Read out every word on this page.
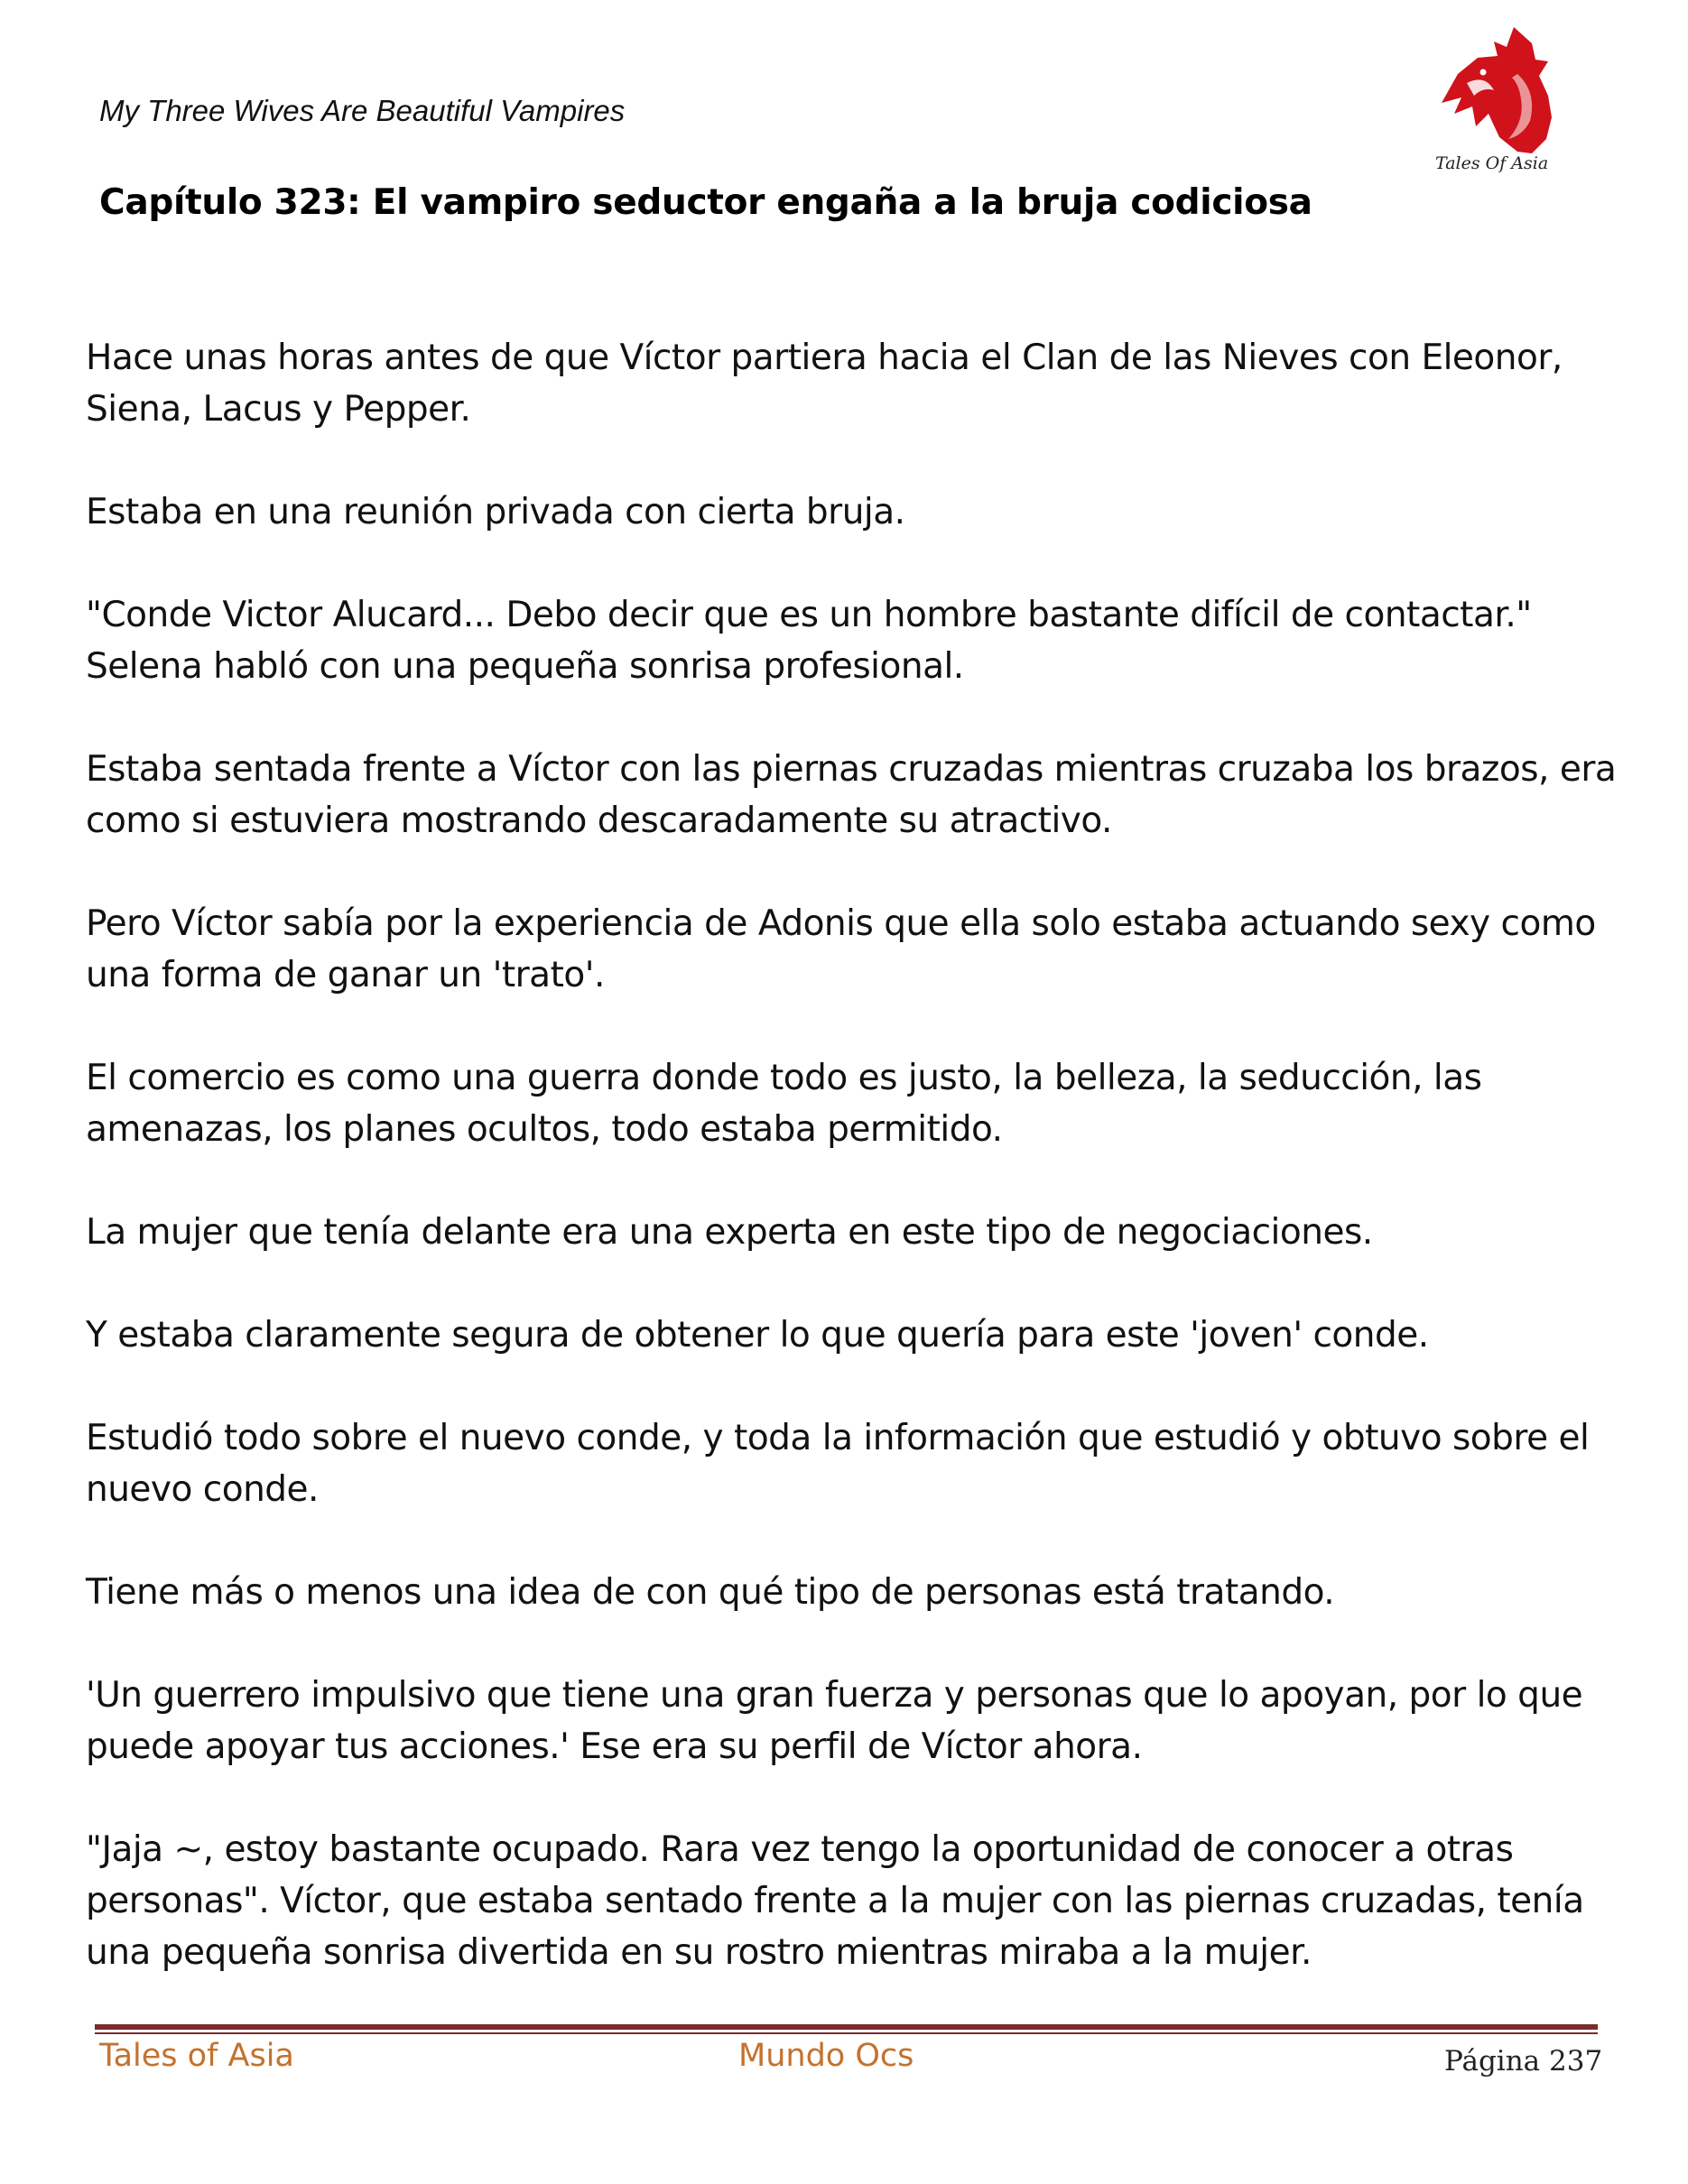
My Three Wives Are Beautiful Vampires
Tales Of Asia
Capítulo 323: El vampiro seductor engaña a la bruja codiciosa

Hace unas horas antes de que Víctor partiera hacia el Clan de las Nieves con Eleonor, Siena, Lacus y Pepper.

Estaba en una reunión privada con cierta bruja.

"Conde Victor Alucard... Debo decir que es un hombre bastante difícil de contactar." Selena habló con una pequeña sonrisa profesional.

Estaba sentada frente a Víctor con las piernas cruzadas mientras cruzaba los brazos, era como si estuviera mostrando descaradamente su atractivo.

Pero Víctor sabía por la experiencia de Adonis que ella solo estaba actuando sexy como una forma de ganar un 'trato'.

El comercio es como una guerra donde todo es justo, la belleza, la seducción, las amenazas, los planes ocultos, todo estaba permitido.

La mujer que tenía delante era una experta en este tipo de negociaciones.

Y estaba claramente segura de obtener lo que quería para este 'joven' conde.

Estudió todo sobre el nuevo conde, y toda la información que estudió y obtuvo sobre el nuevo conde.

Tiene más o menos una idea de con qué tipo de personas está tratando.

'Un guerrero impulsivo que tiene una gran fuerza y personas que lo apoyan, por lo que puede apoyar tus acciones.' Ese era su perfil de Víctor ahora.

"Jaja ~, estoy bastante ocupado. Rara vez tengo la oportunidad de conocer a otras personas". Víctor, que estaba sentado frente a la mujer con las piernas cruzadas, tenía una pequeña sonrisa divertida en su rostro mientras miraba a la mujer.

Tales of Asia	Mundo Ocs	Página 237
